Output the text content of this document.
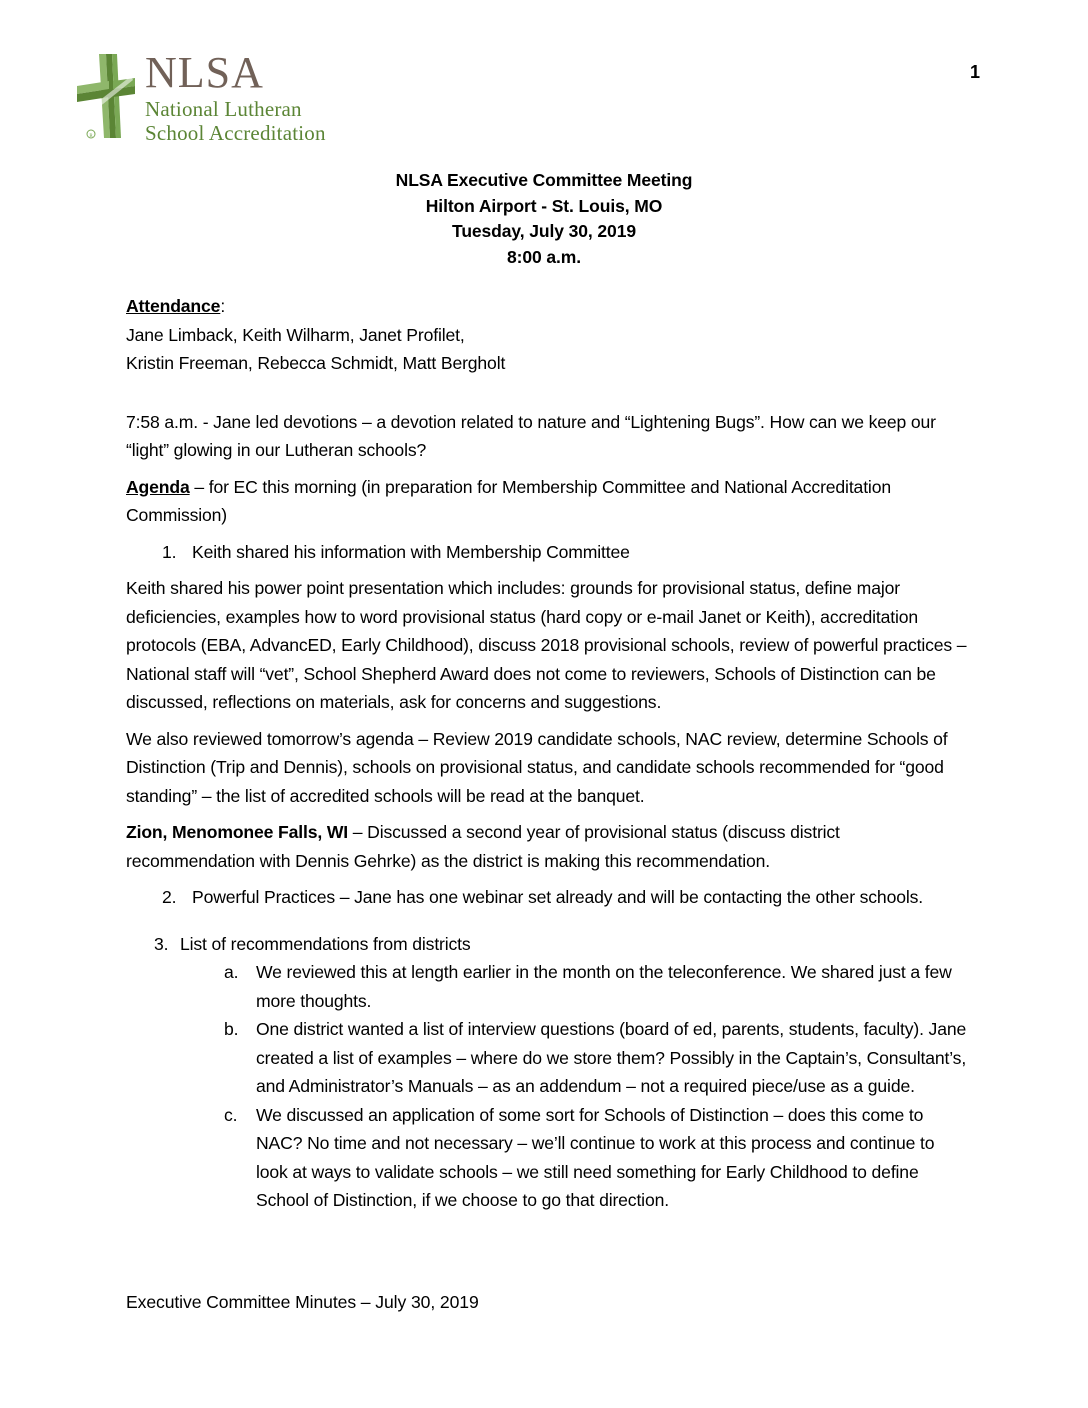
1
R
NLSA
National Lutheran
School Accreditation
NLSA Executive Committee Meeting
Hilton Airport - St. Louis, MO
Tuesday, July 30, 2019
8:00 a.m.

Attendance:

Jane Limback, Keith Wilharm, Janet Profilet,

Kristin Freeman, Rebecca Schmidt, Matt Bergholt

7:58 a.m. - Jane led devotions – a devotion related to nature and “Lightening Bugs”. How can we keep our “light” glowing in our Lutheran schools?

Agenda – for EC this morning (in preparation for Membership Committee and National Accreditation Commission)

1. Keith shared his information with Membership Committee

Keith shared his power point presentation which includes: grounds for provisional status, define major deficiencies, examples how to word provisional status (hard copy or e-mail Janet or Keith), accreditation protocols (EBA, AdvancED, Early Childhood), discuss 2018 provisional schools, review of powerful practices – National staff will “vet”, School Shepherd Award does not come to reviewers, Schools of Distinction can be discussed, reflections on materials, ask for concerns and suggestions.

We also reviewed tomorrow’s agenda – Review 2019 candidate schools, NAC review, determine Schools of Distinction (Trip and Dennis), schools on provisional status, and candidate schools recommended for “good standing” – the list of accredited schools will be read at the banquet.

Zion, Menomonee Falls, WI – Discussed a second year of provisional status (discuss district recommendation with Dennis Gehrke) as the district is making this recommendation.

2. Powerful Practices – Jane has one webinar set already and will be contacting the other schools.

3. List of recommendations from districts

a. We reviewed this at length earlier in the month on the teleconference. We shared just a few more thoughts.

b. One district wanted a list of interview questions (board of ed, parents, students, faculty). Jane created a list of examples – where do we store them? Possibly in the Captain’s, Consultant’s, and Administrator’s Manuals – as an addendum – not a required piece/use as a guide.

c. We discussed an application of some sort for Schools of Distinction – does this come to NAC? No time and not necessary – we’ll continue to work at this process and continue to look at ways to validate schools – we still need something for Early Childhood to define School of Distinction, if we choose to go that direction.

Executive Committee Minutes – July 30, 2019
